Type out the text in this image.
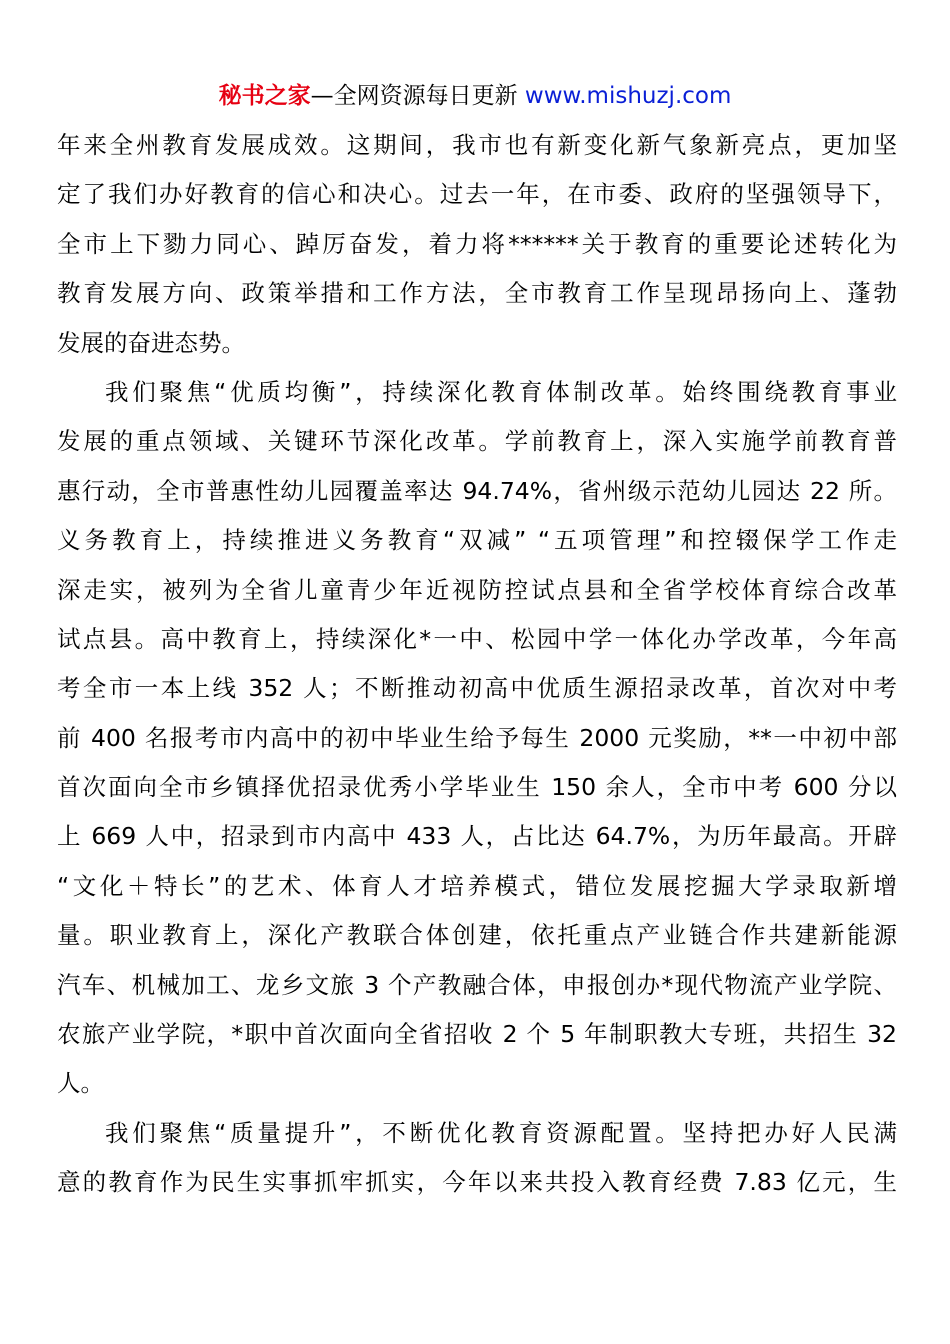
秘书之家—全网资源每日更新 www.mishuzj.com
年来全州教育发展成效。这期间，我市也有新变化新气象新亮点，更加坚
定了我们办好教育的信心和决心。过去一年，在市委、政府的坚强领导下，
全市上下勠力同心、踔厉奋发，着力将******关于教育的重要论述转化为
教育发展方向、政策举措和工作方法，全市教育工作呈现昂扬向上、蓬勃
发展的奋进态势。
我们聚焦“优质均衡”，持续深化教育体制改革。始终围绕教育事业
发展的重点领域、关键环节深化改革。学前教育上，深入实施学前教育普
惠行动，全市普惠性幼儿园覆盖率达 94.74%，省州级示范幼儿园达 22 所。
义务教育上，持续推进义务教育“双减” “五项管理”和控辍保学工作走
深走实，被列为全省儿童青少年近视防控试点县和全省学校体育综合改革
试点县。高中教育上，持续深化*一中、松园中学一体化办学改革，今年高
考全市一本上线 352 人；不断推动初高中优质生源招录改革，首次对中考
前 400 名报考市内高中的初中毕业生给予每生 2000 元奖励，**一中初中部
首次面向全市乡镇择优招录优秀小学毕业生 150 余人，全市中考 600 分以
上 669 人中，招录到市内高中 433 人，占比达 64.7%，为历年最高。开辟
“文化＋特长”的艺术、体育人才培养模式，错位发展挖掘大学录取新增
量。职业教育上，深化产教联合体创建，依托重点产业链合作共建新能源
汽车、机械加工、龙乡文旅 3 个产教融合体，申报创办*现代物流产业学院、
农旅产业学院，*职中首次面向全省招收 2 个 5 年制职教大专班，共招生 32
人。
我们聚焦“质量提升”，不断优化教育资源配置。坚持把办好人民满
意的教育作为民生实事抓牢抓实，今年以来共投入教育经费 7.83 亿元，生
